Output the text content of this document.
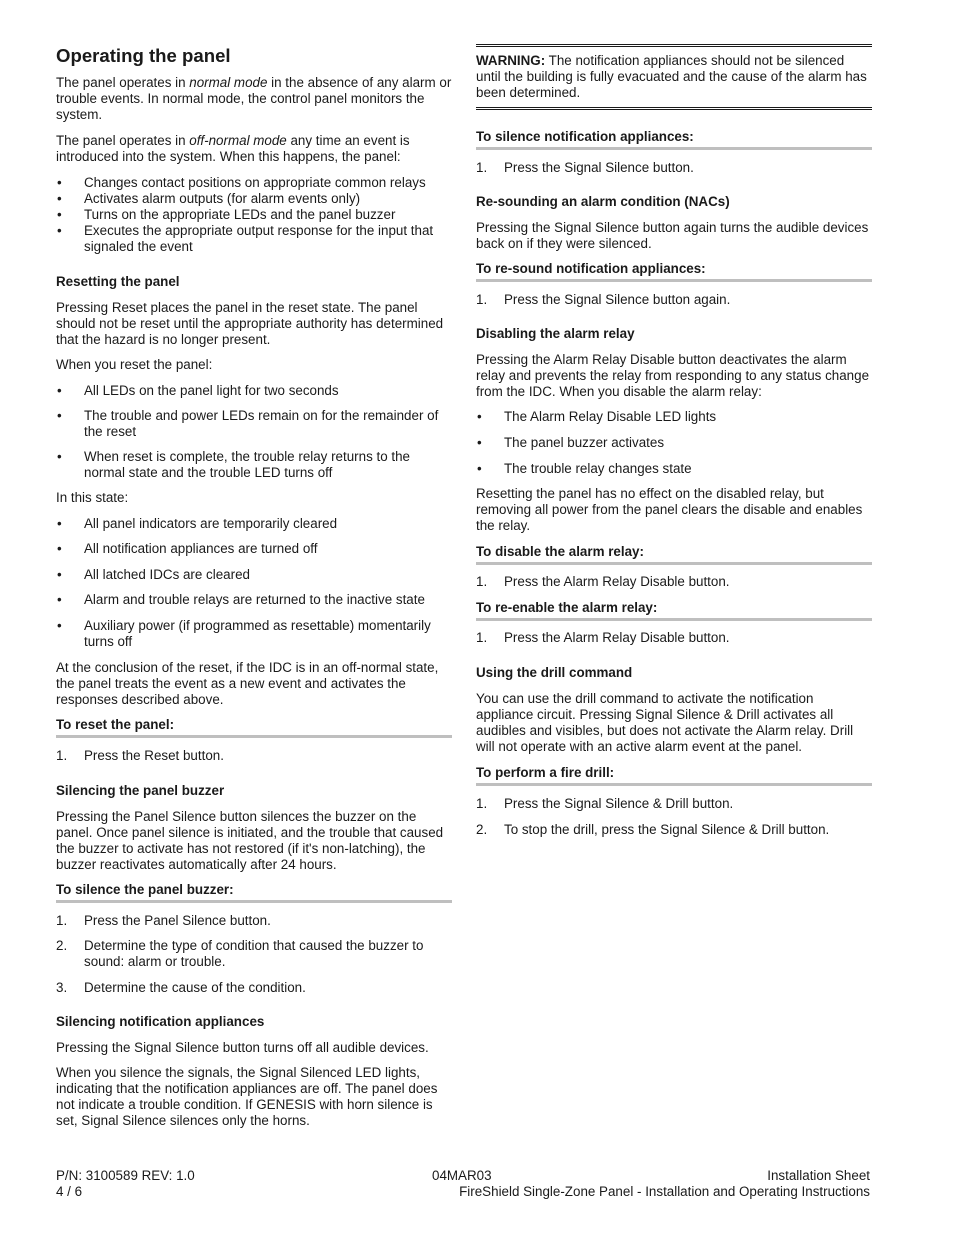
Operating the panel

The panel operates in normal mode in the absence of any alarm or trouble events. In normal mode, the control panel monitors the system.

The panel operates in off-normal mode any time an event is introduced into the system. When this happens, the panel:

• Changes contact positions on appropriate common relays
• Activates alarm outputs (for alarm events only)
• Turns on the appropriate LEDs and the panel buzzer
• Executes the appropriate output response for the input that signaled the event
Resetting the panel

Pressing Reset places the panel in the reset state. The panel should not be reset until the appropriate authority has determined that the hazard is no longer present.

When you reset the panel:

• All LEDs on the panel light for two seconds
• The trouble and power LEDs remain on for the remainder of the reset
• When reset is complete, the trouble relay returns to the normal state and the trouble LED turns off

In this state:

• All panel indicators are temporarily cleared
• All notification appliances are turned off
• All latched IDCs are cleared
• Alarm and trouble relays are returned to the inactive state
• Auxiliary power (if programmed as resettable) momentarily turns off

At the conclusion of the reset, if the IDC is in an off-normal state, the panel treats the event as a new event and activates the responses described above.

To reset the panel:
1. Press the Reset button.
Silencing the panel buzzer

Pressing the Panel Silence button silences the buzzer on the panel. Once panel silence is initiated, and the trouble that caused the buzzer to activate has not restored (if it's non-latching), the buzzer reactivates automatically after 24 hours.

To silence the panel buzzer:
1. Press the Panel Silence button.
2. Determine the type of condition that caused the buzzer to sound: alarm or trouble.
3. Determine the cause of the condition.
Silencing notification appliances

Pressing the Signal Silence button turns off all audible devices.

When you silence the signals, the Signal Silenced LED lights, indicating that the notification appliances are off. The panel does not indicate a trouble condition. If GENESIS with horn silence is set, Signal Silence silences only the horns.

WARNING: The notification appliances should not be silenced until the building is fully evacuated and the cause of the alarm has been determined.

To silence notification appliances:
1. Press the Signal Silence button.
Re-sounding an alarm condition (NACs)

Pressing the Signal Silence button again turns the audible devices back on if they were silenced.

To re-sound notification appliances:
1. Press the Signal Silence button again.
Disabling the alarm relay

Pressing the Alarm Relay Disable button deactivates the alarm relay and prevents the relay from responding to any status change from the IDC. When you disable the alarm relay:

• The Alarm Relay Disable LED lights
• The panel buzzer activates
• The trouble relay changes state

Resetting the panel has no effect on the disabled relay, but removing all power from the panel clears the disable and enables the relay.

To disable the alarm relay:
1. Press the Alarm Relay Disable button.
To re-enable the alarm relay:
1. Press the Alarm Relay Disable button.
Using the drill command

You can use the drill command to activate the notification appliance circuit. Pressing Signal Silence & Drill activates all audibles and visibles, but does not activate the Alarm relay. Drill will not operate with an active alarm event at the panel.

To perform a fire drill:
1. Press the Signal Silence & Drill button.
2. To stop the drill, press the Signal Silence & Drill button.
P/N: 3100589 REV: 1.0
4 / 6
04MAR03	Installation Sheet
FireShield Single-Zone Panel - Installation and Operating Instructions
